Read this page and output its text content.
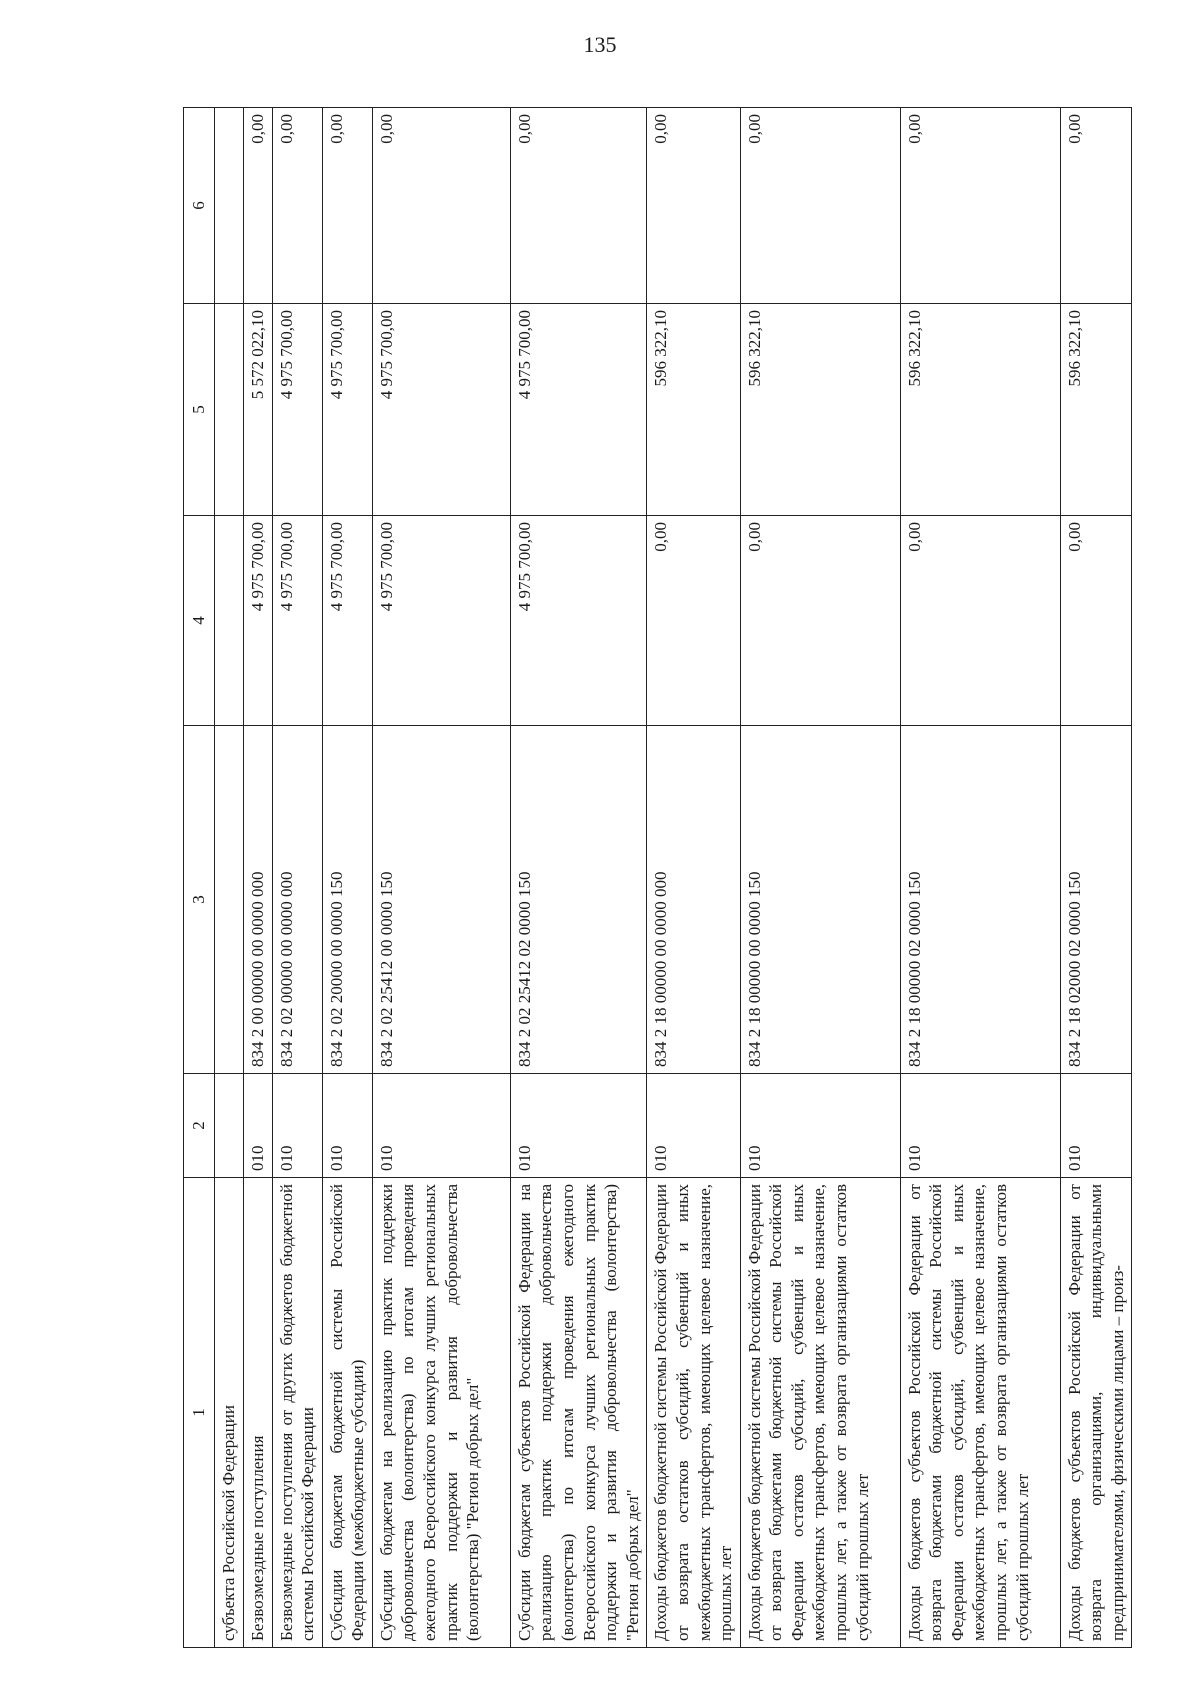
135
1	2	3	4	5	6
субъекта Российской Федерации					
Безвозмездные поступления	010	834 2 00 00000 00 0000 000	4 975 700,00	5 572 022,10	0,00
Безвозмездные поступления от других бюджетов бюджетной системы Российской Федерации	010	834 2 02 00000 00 0000 000	4 975 700,00	4 975 700,00	0,00
Субсидии бюджетам бюджетной системы Российской Федерации (межбюджетные субсидии)	010	834 2 02 20000 00 0000 150	4 975 700,00	4 975 700,00	0,00
Субсидии бюджетам на реализацию практик поддержки добровольчества (волонтерства) по итогам проведения ежегодного Всероссийского конкурса лучших региональных практик поддержки и развития добровольчества (волонтерства) "Регион добрых дел"	010	834 2 02 25412 00 0000 150	4 975 700,00	4 975 700,00	0,00
Субсидии бюджетам субъектов Российской Федерации на реализацию практик поддержки добровольчества (волонтерства) по итогам проведения ежегодного Всероссийского конкурса лучших региональных практик поддержки и развития добровольчества (волонтерства) "Регион добрых дел"	010	834 2 02 25412 02 0000 150	4 975 700,00	4 975 700,00	0,00
Доходы бюджетов бюджетной системы Российской Федерации от возврата остатков субсидий, субвенций и иных межбюджетных трансфертов, имеющих целевое назначение, прошлых лет	010	834 2 18 00000 00 0000 000	0,00	596 322,10	0,00
Доходы бюджетов бюджетной системы Российской Федерации от возврата бюджетами бюджетной системы Российской Федерации остатков субсидий, субвенций и иных межбюджетных трансфертов, имеющих целевое назначение, прошлых лет, а также от возврата организациями остатков субсидий прошлых лет	010	834 2 18 00000 00 0000 150	0,00	596 322,10	0,00
Доходы бюджетов субъектов Российской Федерации от возврата бюджетами бюджетной системы Российской Федерации остатков субсидий, субвенций и иных межбюджетных трансфертов, имеющих целевое назначение, прошлых лет, а также от возврата организациями остатков субсидий прошлых лет	010	834 2 18 00000 02 0000 150	0,00	596 322,10	0,00
Доходы бюджетов субъектов Российской Федерации от возврата организациями, индивидуальными предпринимателями, физическими лицами – произ-	010	834 2 18 02000 02 0000 150	0,00	596 322,10	0,00
